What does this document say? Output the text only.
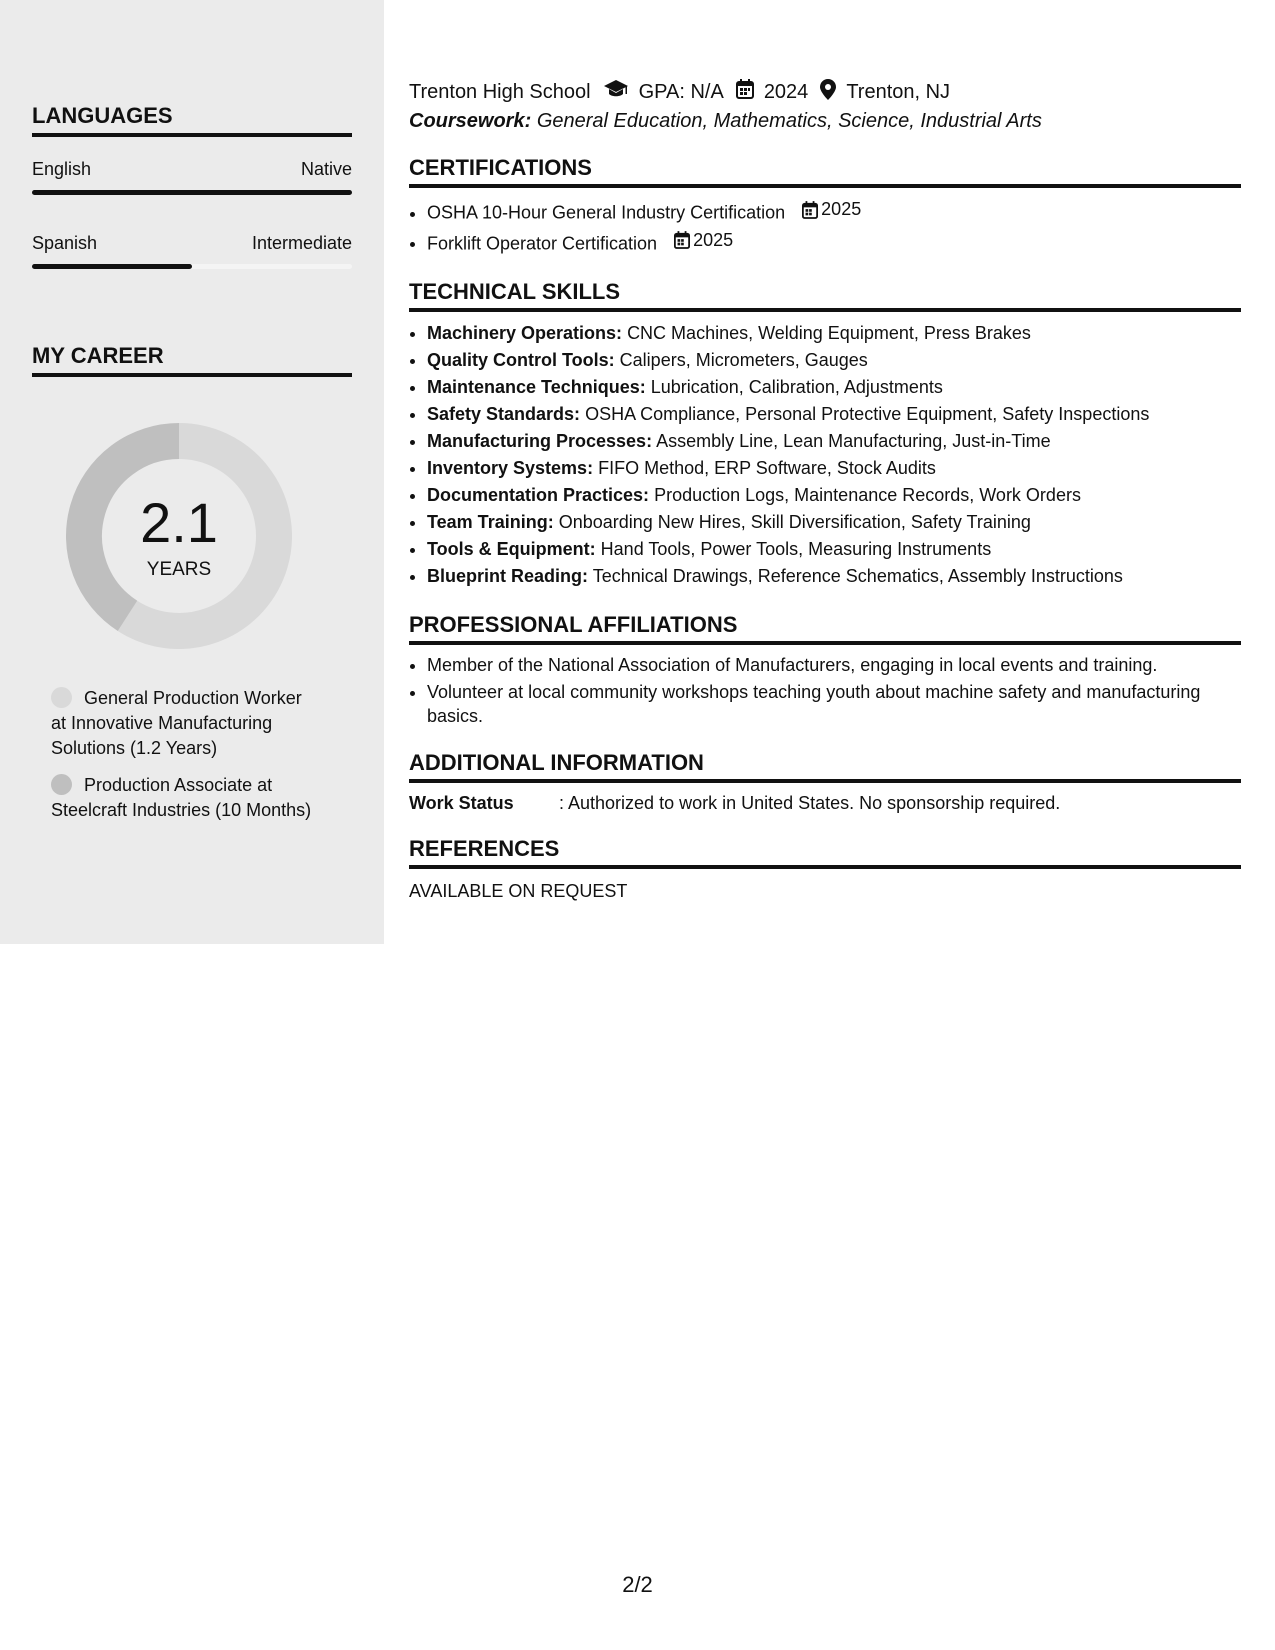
LANGUAGES
English	Native
Spanish	Intermediate
MY CAREER
2.1
YEARS
General Production Worker at Innovative Manufacturing Solutions (1.2 Years)
Production Associate at Steelcraft Industries (10 Months)
Trenton High School GPA: N/A 2024 Trenton, NJ
Coursework: General Education, Mathematics, Science, Industrial Arts
CERTIFICATIONS
• OSHA 10-Hour General Industry Certification 2025
• Forklift Operator Certification 2025
TECHNICAL SKILLS
• Machinery Operations: CNC Machines, Welding Equipment, Press Brakes
• Quality Control Tools: Calipers, Micrometers, Gauges
• Maintenance Techniques: Lubrication, Calibration, Adjustments
• Safety Standards: OSHA Compliance, Personal Protective Equipment, Safety Inspections
• Manufacturing Processes: Assembly Line, Lean Manufacturing, Just-in-Time
• Inventory Systems: FIFO Method, ERP Software, Stock Audits
• Documentation Practices: Production Logs, Maintenance Records, Work Orders
• Team Training: Onboarding New Hires, Skill Diversification, Safety Training
• Tools & Equipment: Hand Tools, Power Tools, Measuring Instruments
• Blueprint Reading: Technical Drawings, Reference Schematics, Assembly Instructions
PROFESSIONAL AFFILIATIONS
• Member of the National Association of Manufacturers, engaging in local events and training.
• Volunteer at local community workshops teaching youth about machine safety and manufacturing basics.
ADDITIONAL INFORMATION
Work Status	: Authorized to work in United States. No sponsorship required.
REFERENCES
AVAILABLE ON REQUEST
2/2
